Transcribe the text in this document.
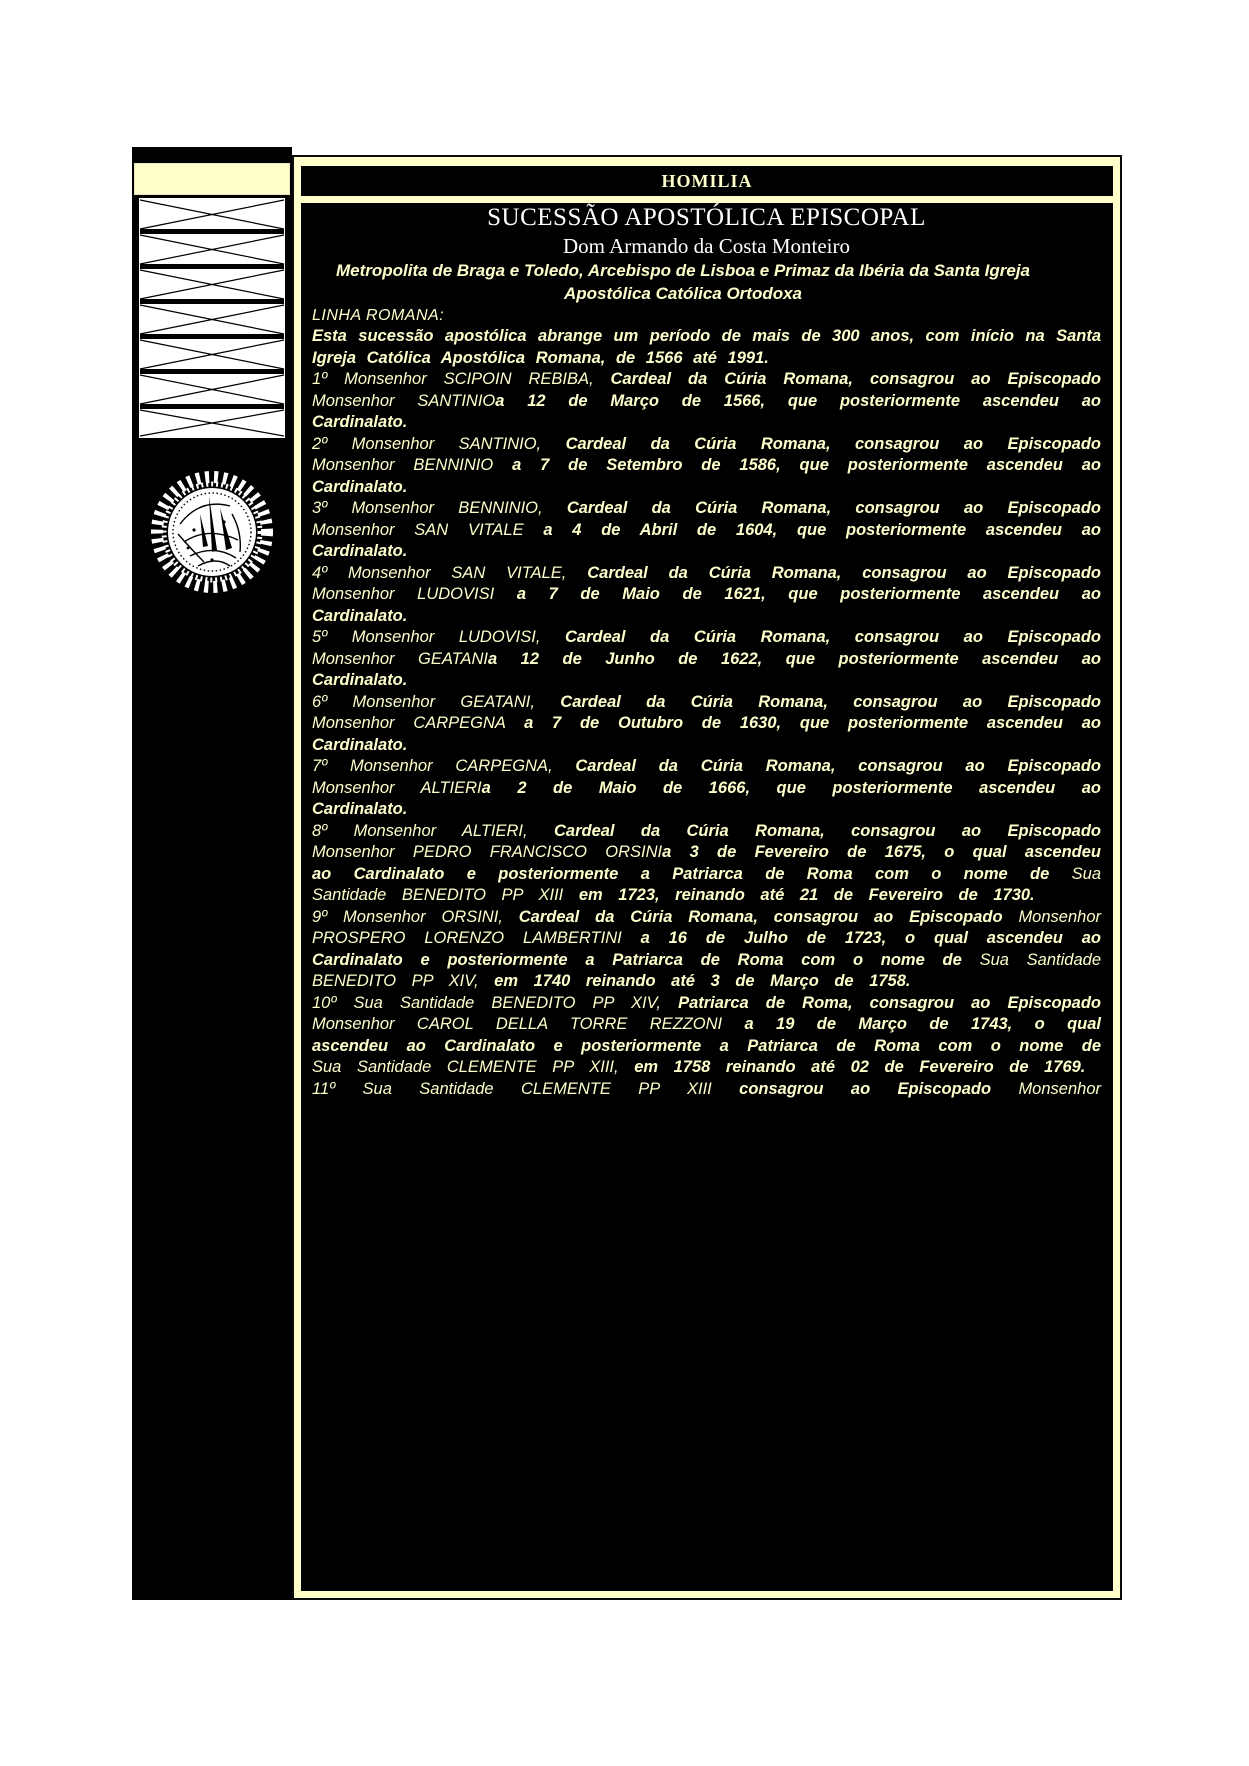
HOMILIA
SUCESSÃO APOSTÓLICA EPISCOPAL
Dom Armando da Costa Monteiro

Metropolita de Braga e Toledo, Arcebispo de Lisboa e Primaz da Ibéria da Santa Igreja Apostólica Católica Ortodoxa

LINHA ROMANA:

Esta sucessão apostólica abrange um período de mais de 300 anos, com início na Santa Igreja Católica Apostólica Romana, de 1566 até 1991.

1º Monsenhor SCIPOIN REBIBA, Cardeal da Cúria Romana, consagrou ao Episcopado Monsenhor SANTINIOa 12 de Março de 1566, que posteriormente ascendeu ao Cardinalato.

2º Monsenhor SANTINIO, Cardeal da Cúria Romana, consagrou ao Episcopado Monsenhor BENNINIO a 7 de Setembro de 1586, que posteriormente ascendeu ao Cardinalato.

3º Monsenhor BENNINIO, Cardeal da Cúria Romana, consagrou ao Episcopado Monsenhor SAN VITALE a 4 de Abril de 1604, que posteriormente ascendeu ao Cardinalato.

4º Monsenhor SAN VITALE, Cardeal da Cúria Romana, consagrou ao Episcopado Monsenhor LUDOVISI a 7 de Maio de 1621, que posteriormente ascendeu ao Cardinalato.

5º Monsenhor LUDOVISI, Cardeal da Cúria Romana, consagrou ao Episcopado Monsenhor GEATANIa 12 de Junho de 1622, que posteriormente ascendeu ao Cardinalato.

6º Monsenhor GEATANI, Cardeal da Cúria Romana, consagrou ao Episcopado Monsenhor CARPEGNA a 7 de Outubro de 1630, que posteriormente ascendeu ao Cardinalato.

7º Monsenhor CARPEGNA, Cardeal da Cúria Romana, consagrou ao Episcopado Monsenhor ALTIERIa 2 de Maio de 1666, que posteriormente ascendeu ao Cardinalato.

8º Monsenhor ALTIERI, Cardeal da Cúria Romana, consagrou ao Episcopado Monsenhor PEDRO FRANCISCO ORSINIa 3 de Fevereiro de 1675, o qual ascendeu ao Cardinalato e posteriormente a Patriarca de Roma com o nome de Sua Santidade BENEDITO PP XIII em 1723, reinando até 21 de Fevereiro de 1730.

9º Monsenhor ORSINI, Cardeal da Cúria Romana, consagrou ao Episcopado Monsenhor PROSPERO LORENZO LAMBERTINI a 16 de Julho de 1723, o qual ascendeu ao Cardinalato e posteriormente a Patriarca de Roma com o nome de Sua Santidade BENEDITO PP XIV, em 1740 reinando até 3 de Março de 1758.

10º Sua Santidade BENEDITO PP XIV, Patriarca de Roma, consagrou ao Episcopado Monsenhor CAROL DELLA TORRE REZZONI a 19 de Março de 1743, o qual ascendeu ao Cardinalato e posteriormente a Patriarca de Roma com o nome de Sua Santidade CLEMENTE PP XIII, em 1758 reinando até 02 de Fevereiro de 1769.

11º Sua Santidade CLEMENTE PP XIII consagrou ao Episcopado Monsenhor
